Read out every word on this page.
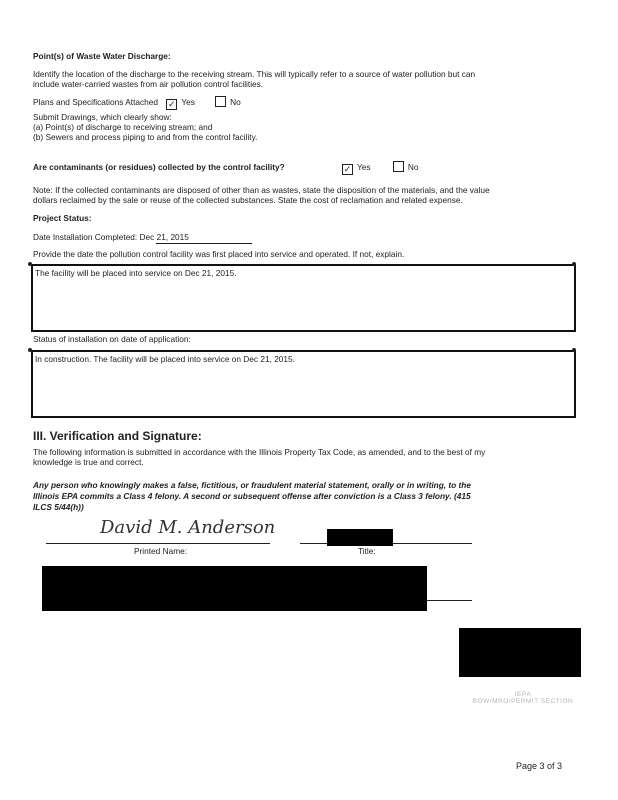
Point(s) of Waste Water Discharge:
Identify the location of the discharge to the receiving stream. This will typically refer to a source of water pollution but can
include water-carried wastes from air pollution control facilities.
Plans and Specifications Attached ✓ Yes	No
Submit Drawings, which clearly show:
(a) Point(s) of discharge to receiving stream; and
(b) Sewers and process piping to and from the control facility.
Are contaminants (or residues) collected by the control facility?	✓ Yes	No
Note: If the collected contaminants are disposed of other than as wastes, state the disposition of the materials, and the value
dollars reclaimed by the sale or reuse of the collected substances. State the cost of reclamation and related expense.
Project Status:
Date Installation Completed: Dec 21, 2015
Provide the date the pollution control facility was first placed into service and operated. If not, explain.
The facility will be placed into service on Dec 21, 2015.
Status of installation on date of application:
In construction. The facility will be placed into service on Dec 21, 2015.
III. Verification and Signature:
The following information is submitted in accordance with the Illinois Property Tax Code, as amended, and to the best of my
knowledge is true and correct.
Any person who knowingly makes a false, fictitious, or fraudulent material statement, orally or in writing, to the
Illinois EPA commits a Class 4 felony. A second or subsequent offense after conviction is a Class 3 felony. (415
ILCS 5/44(h))
David M. Anderson
Printed Name:	Title:
IEPA
BOW/MRO/PERMIT SECTION
Page 3 of 3
